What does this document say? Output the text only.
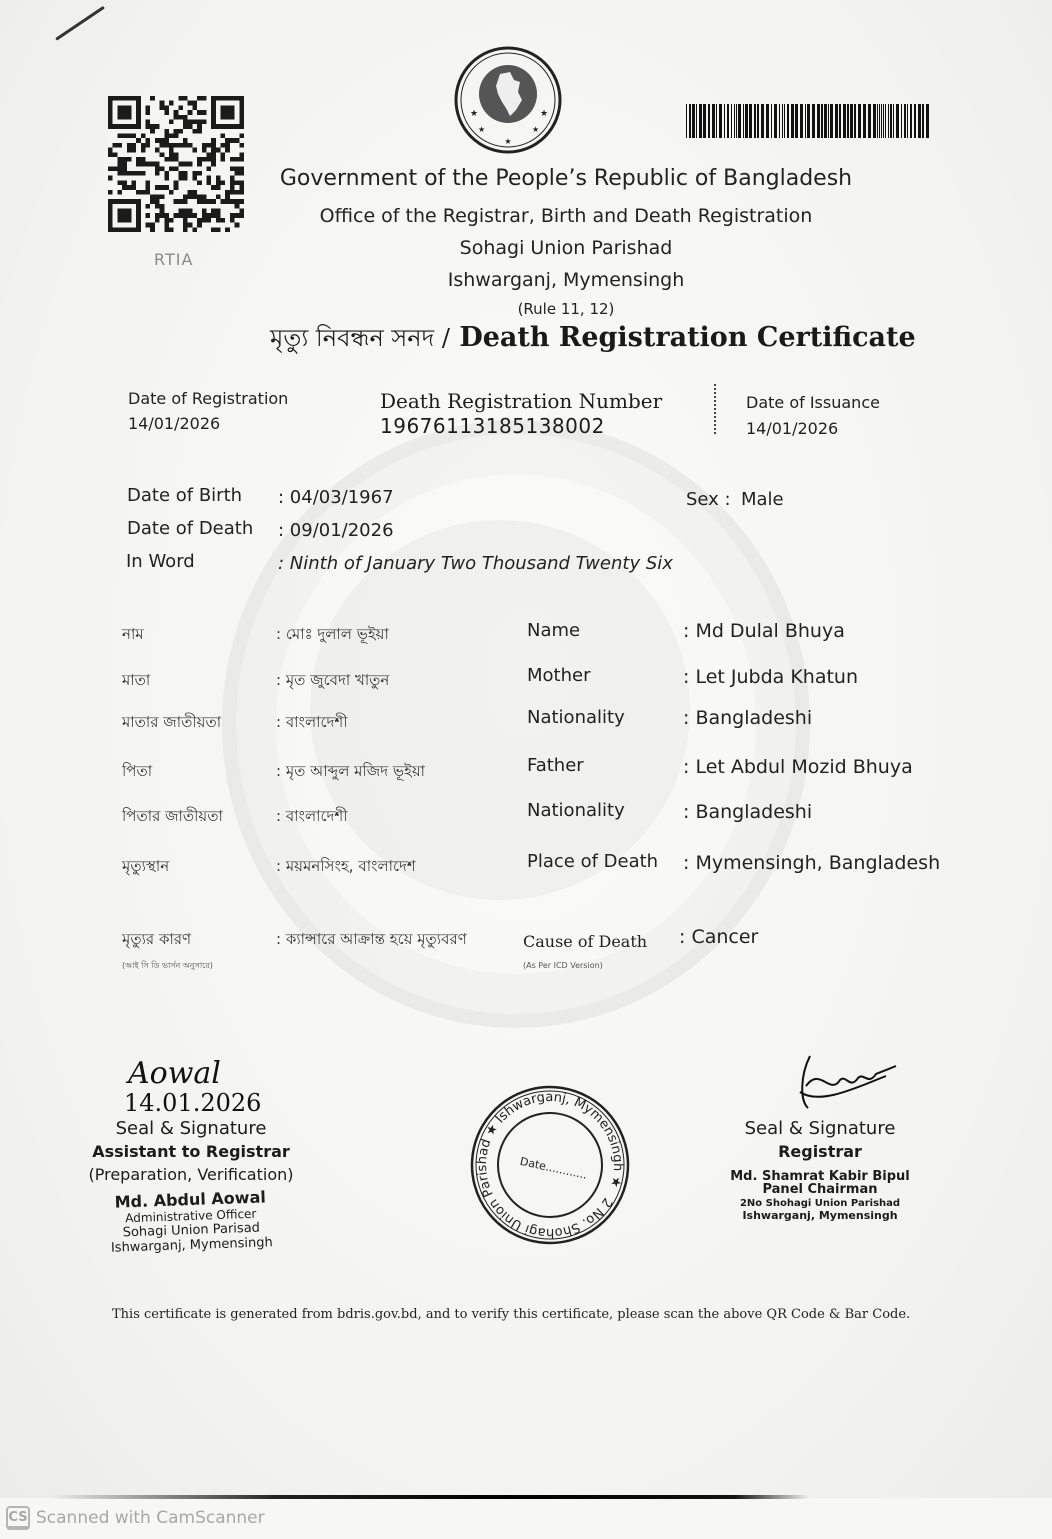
RTIA
★
★	★
★	★
Government of the People’s Republic of Bangladesh
Office of the Registrar, Birth and Death Registration
Sohagi Union Parishad
Ishwarganj, Mymensingh
(Rule 11, 12)
মৃত্যু নিবন্ধন সনদ / Death Registration Certificate
Date of Registration
14/01/2026
Death Registration Number
19676113185138002
Date of Issuance
14/01/2026
Date of Birth : 04/03/1967	Sex : Male
Date of Death : 09/01/2026
In Word	: Ninth of January Two Thousand Twenty Six
নাম	: মোঃ দুলাল ভূইয়া	Name	: Md Dulal Bhuya
মাতা	: মৃত জুবেদা খাতুন	Mother	: Let Jubda Khatun
মাতার জাতীয়তা	: বাংলাদেশী	Nationality	: Bangladeshi
পিতা	: মৃত আব্দুল মজিদ ভূইয়া	Father	: Let Abdul Mozid Bhuya
পিতার জাতীয়তা	: বাংলাদেশী	Nationality	: Bangladeshi
মৃত্যুস্থান	: ময়মনসিংহ, বাংলাদেশ	Place of Death : Mymensingh, Bangladesh
মৃত্যুর কারণ	: ক্যান্সারে আক্রান্ত হয়ে মৃত্যুবরণ	Cause of Death : Cancer
(আই সি ডি ভার্সন অনুসারে)	(As Per ICD Version)
Aowal
14.01.2026
Seal & Signature
Assistant to Registrar
(Preparation, Verification)
Md. Abdul Aowal
Administrative Officer
Sohagi Union Parisad
Ishwarganj, Mymensingh
2 No. Shohagi Union Parishad ★ Ishwarganj, Mymensingh ★
Date............
Seal & Signature
Registrar
Md. Shamrat Kabir Bipul
Panel Chairman
2No Shohagi Union Parishad
Ishwarganj, Mymensingh
This certificate is generated from bdris.gov.bd, and to verify this certificate, please scan the above QR Code & Bar Code.
CS Scanned with CamScanner
